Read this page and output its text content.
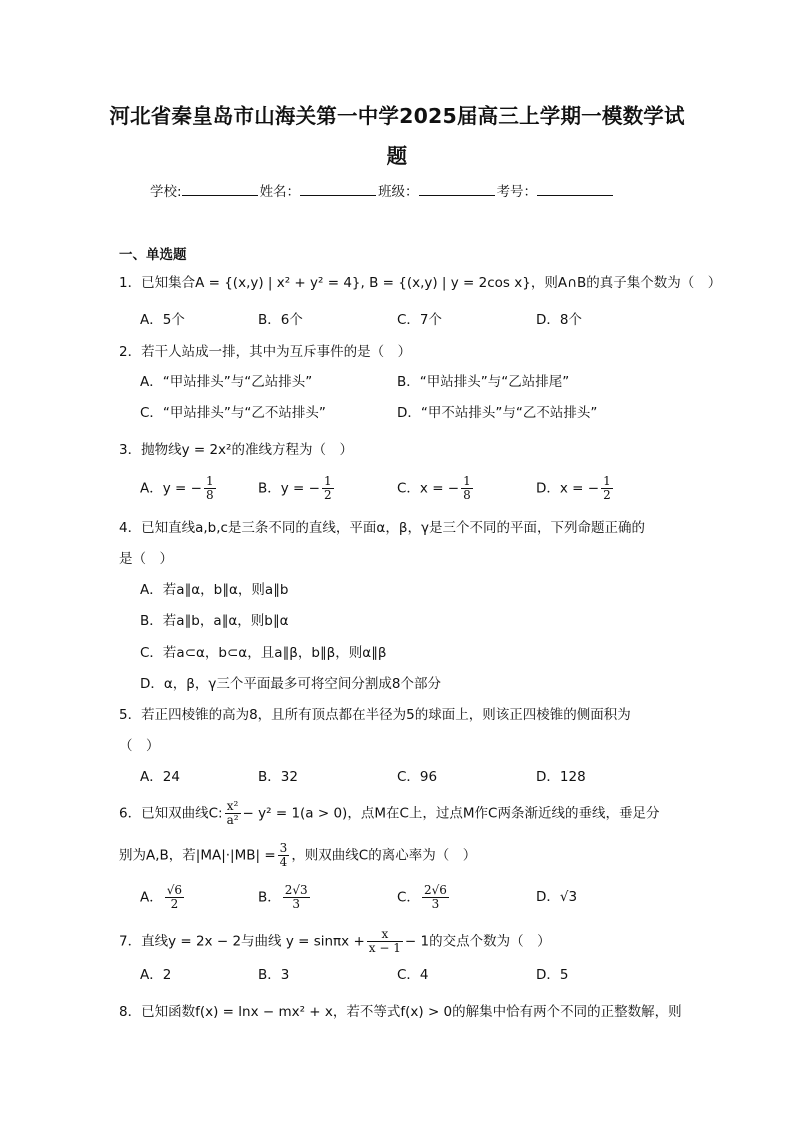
河北省秦皇岛市山海关第一中学2025届高三上学期一模数学试
题
学校:	姓名：	班级：	考号：
一、单选题
1．已知集合A = {(x,y) | x² + y² = 4}, B = {(x,y) | y = 2cos x}，则A∩B的真子集个数为（　）
A．5个	B．6个	C．7个	D．8个
2．若干人站成一排，其中为互斥事件的是（　）
A．“甲站排头”与“乙站排头”	B．“甲站排头”与“乙站排尾”
C．“甲站排头”与“乙不站排头”	D．“甲不站排头”与“乙不站排头”
3．抛物线y = 2x²的准线方程为（　）
A．y = − $\frac{1}{8}$	B．y = − $\frac{1}{2}$	C．x = − $\frac{1}{8}$	D．x = − $\frac{1}{2}$
4．已知直线a,b,c是三条不同的直线，平面α，β，γ是三个不同的平面，下列命题正确的
是（　）
A．若a∥α，b∥α，则a∥b
B．若a∥b，a∥α，则b∥α
C．若a⊂α，b⊂α，且a∥β，b∥β，则α∥β
D．α，β，γ三个平面最多可将空间分割成8个部分
5．若正四棱锥的高为8，且所有顶点都在半径为5的球面上，则该正四棱锥的侧面积为
（　）
A．24	B．32	C．96	D．128
6．已知双曲线C: $\frac{\text{x²}}{\text{a²}} - y^2 = 1(a > 0)$，点M在C上，过点M作C两条渐近线的垂线，垂足分
别为A,B，若$|MA|\cdot|MB| = \frac{3}{4}$ ，则双曲线C的离心率为（　）
A． $\frac{√6}{2}$	B． $\frac{2√3}{3}$	C． $\frac{2√6}{3}$	D．√3
7．直线y = 2x − 2与曲线 $y = \sin\pi x + \frac{x}{x - 1} - 1$的交点个数为（　）
A．2	B．3	C．4	D．5
8．已知函数f(x) = lnx − mx² + x，若不等式f(x) > 0的解集中恰有两个不同的正整数解，则
